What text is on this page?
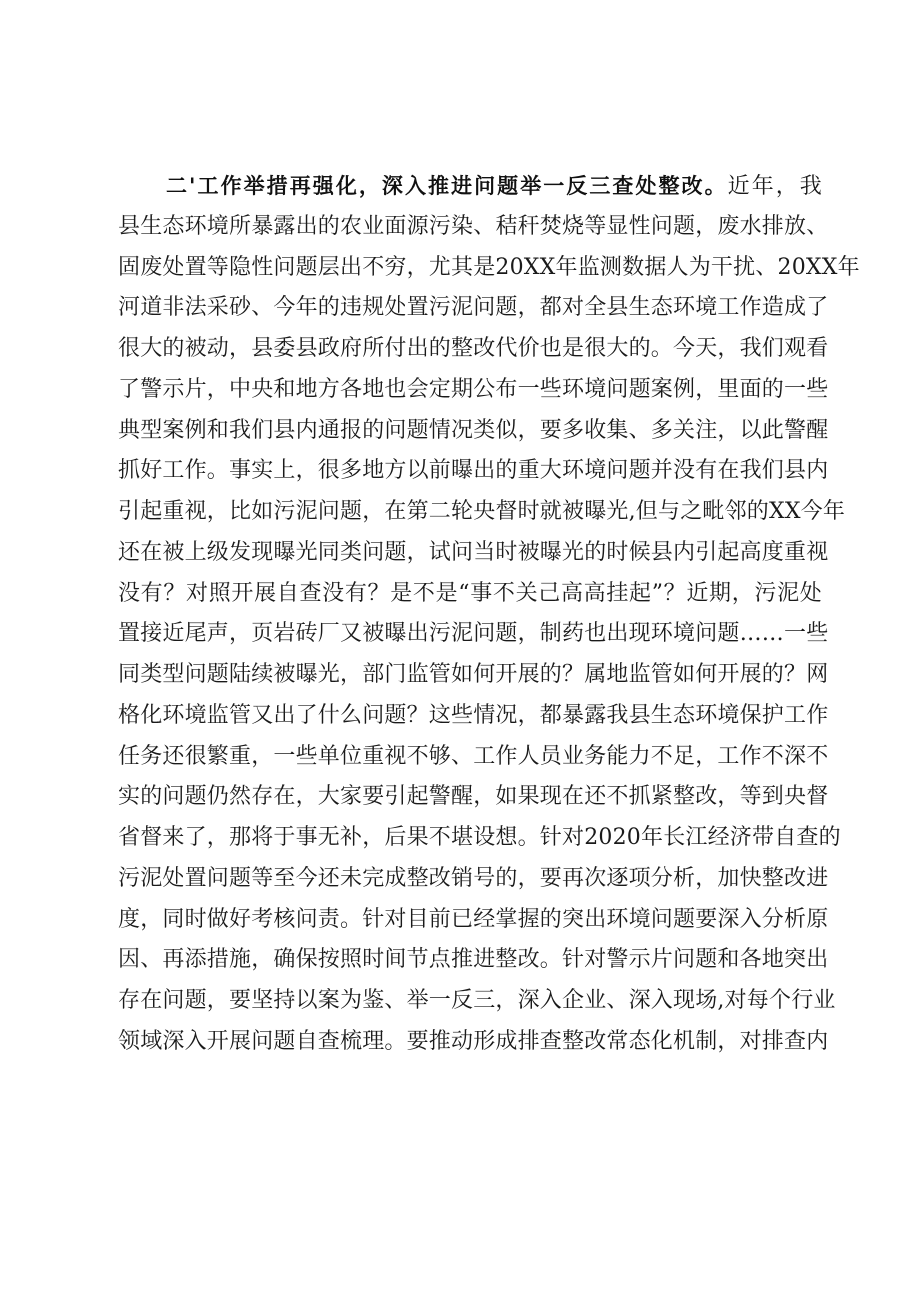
二'工作举措再强化，深入推进问题举一反三查处整改。近年，我
县生态环境所暴露出的农业面源污染、秸秆焚烧等显性问题，废水排放、
固废处置等隐性问题层出不穷，尤其是20XX年监测数据人为干扰、20XX年
河道非法采砂、今年的违规处置污泥问题，都对全县生态环境工作造成了
很大的被动，县委县政府所付出的整改代价也是很大的。今天，我们观看
了警示片，中央和地方各地也会定期公布一些环境问题案例，里面的一些
典型案例和我们县内通报的问题情况类似，要多收集、多关注，以此警醒
抓好工作。事实上，很多地方以前曝出的重大环境问题并没有在我们县内
引起重视，比如污泥问题，在第二轮央督时就被曝光,但与之毗邻的XX今年
还在被上级发现曝光同类问题，试问当时被曝光的时候县内引起高度重视
没有？对照开展自查没有？是不是“事不关己高高挂起”？近期，污泥处
置接近尾声，页岩砖厂又被曝出污泥问题，制药也出现环境问题……一些
同类型问题陆续被曝光，部门监管如何开展的？属地监管如何开展的？网
格化环境监管又出了什么问题？这些情况，都暴露我县生态环境保护工作
任务还很繁重，一些单位重视不够、工作人员业务能力不足，工作不深不
实的问题仍然存在，大家要引起警醒，如果现在还不抓紧整改，等到央督
省督来了，那将于事无补，后果不堪设想。针对2020年长江经济带自查的
污泥处置问题等至今还未完成整改销号的，要再次逐项分析，加快整改进
度，同时做好考核问责。针对目前已经掌握的突出环境问题要深入分析原
因、再添措施，确保按照时间节点推进整改。针对警示片问题和各地突出
存在问题，要坚持以案为鉴、举一反三，深入企业、深入现场,对每个行业
领域深入开展问题自查梳理。要推动形成排查整改常态化机制，对排查内
